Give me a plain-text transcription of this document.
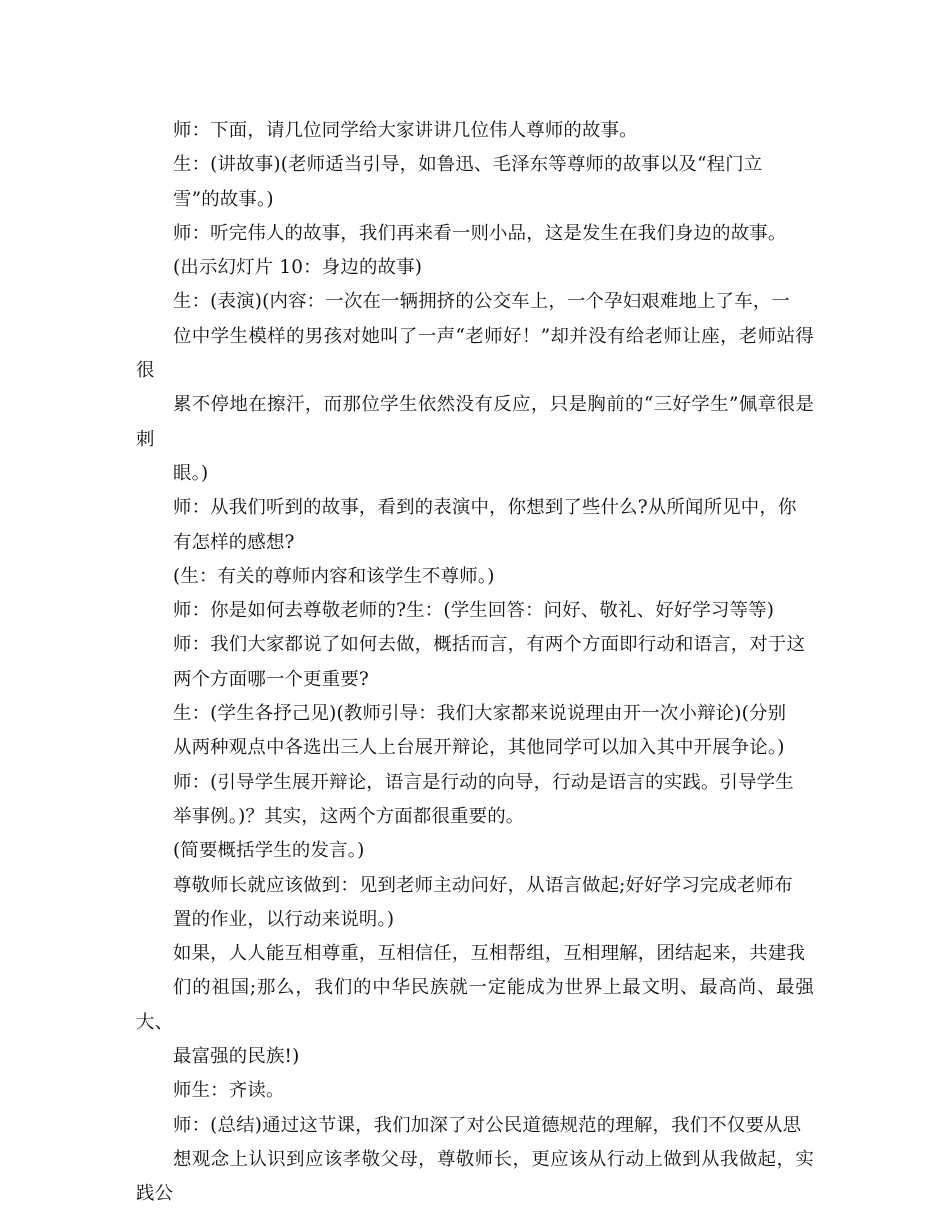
师：下面，请几位同学给大家讲讲几位伟人尊师的故事。

生：(讲故事)(老师适当引导，如鲁迅、毛泽东等尊师的故事以及“程门立
雪”的故事。)

师：听完伟人的故事，我们再来看一则小品，这是发生在我们身边的故事。
(出示幻灯片 10：身边的故事)

生：(表演)(内容：一次在一辆拥挤的公交车上，一个孕妇艰难地上了车，一
位中学生模样的男孩对她叫了一声“老师好！”却并没有给老师让座，老师站得很
累不停地在擦汗，而那位学生依然没有反应，只是胸前的“三好学生”佩章很是刺
眼。)

师：从我们听到的故事，看到的表演中，你想到了些什么?从所闻所见中，你
有怎样的感想?

(生：有关的尊师内容和该学生不尊师。)

师：你是如何去尊敬老师的?生：(学生回答：问好、敬礼、好好学习等等)

师：我们大家都说了如何去做，概括而言，有两个方面即行动和语言，对于这
两个方面哪一个更重要?

生：(学生各抒己见)(教师引导：我们大家都来说说理由开一次小辩论)(分别
从两种观点中各选出三人上台展开辩论，其他同学可以加入其中开展争论。)

师：(引导学生展开辩论，语言是行动的向导，行动是语言的实践。引导学生
举事例。)？其实，这两个方面都很重要的。

(简要概括学生的发言。)

尊敬师长就应该做到：见到老师主动问好，从语言做起;好好学习完成老师布
置的作业，以行动来说明。)

如果，人人能互相尊重，互相信任，互相帮组，互相理解，团结起来，共建我
们的祖国;那么，我们的中华民族就一定能成为世界上最文明、最高尚、最强大、
最富强的民族!)

师生：齐读。

师：(总结)通过这节课，我们加深了对公民道德规范的理解，我们不仅要从思
想观念上认识到应该孝敬父母，尊敬师长，更应该从行动上做到从我做起，实践公
